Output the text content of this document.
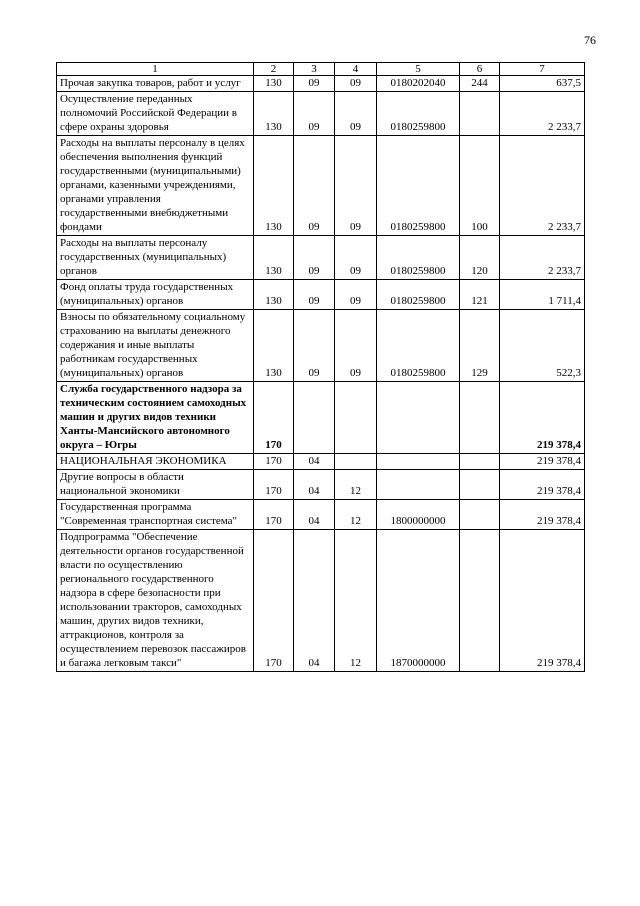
76
1	2	3	4	5	6	7
Прочая закупка товаров, работ и услуг	130	09	09	0180202040	244	637,5
Осуществление переданных полномочий Российской Федерации в сфере охраны здоровья	130	09	09	0180259800		2 233,7
Расходы на выплаты персоналу в целях обеспечения выполнения функций государственными (муниципальными) органами, казенными учреждениями, органами управления государственными внебюджетными фондами	130	09	09	0180259800	100	2 233,7
Расходы на выплаты персоналу государственных (муниципальных) органов	130	09	09	0180259800	120	2 233,7
Фонд оплаты труда государственных (муниципальных) органов	130	09	09	0180259800	121	1 711,4
Взносы по обязательному социальному страхованию на выплаты денежного содержания и иные выплаты работникам государственных (муниципальных) органов	130	09	09	0180259800	129	522,3
Служба государственного надзора за техническим состоянием самоходных машин и других видов техники Ханты-Мансийского автономного округа – Югры	170					219 378,4
НАЦИОНАЛЬНАЯ ЭКОНОМИКА	170	04				219 378,4
Другие вопросы в области национальной экономики	170	04	12			219 378,4
Государственная программа "Современная транспортная система"	170	04	12	1800000000		219 378,4
Подпрограмма "Обеспечение деятельности органов государственной власти по осуществлению регионального государственного надзора в сфере безопасности при использовании тракторов, самоходных машин, других видов техники, аттракционов, контроля за осуществлением перевозок пассажиров и багажа легковым такси"	170	04	12	1870000000		219 378,4
